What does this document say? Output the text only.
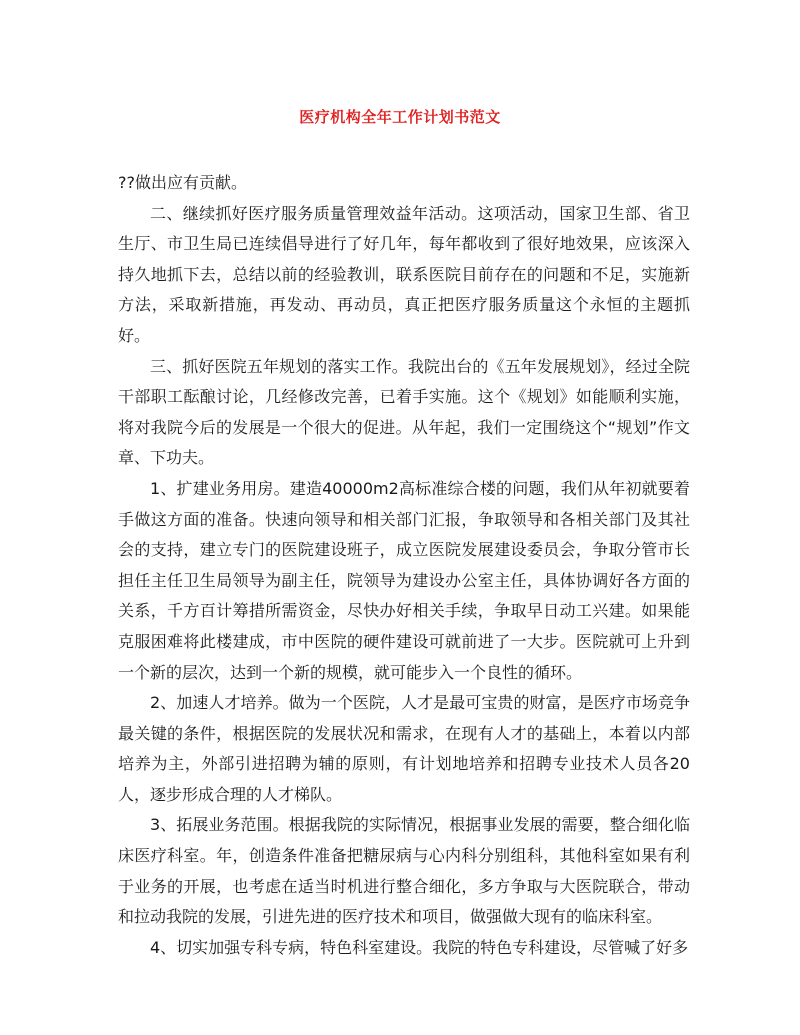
医疗机构全年工作计划书范文

??做出应有贡献。

二、继续抓好医疗服务质量管理效益年活动。这项活动，国家卫生部、省卫生厅、市卫生局已连续倡导进行了好几年，每年都收到了很好地效果，应该深入持久地抓下去，总结以前的经验教训，联系医院目前存在的问题和不足，实施新方法，采取新措施，再发动、再动员，真正把医疗服务质量这个永恒的主题抓好。

三、抓好医院五年规划的落实工作。我院出台的《五年发展规划》，经过全院干部职工酝酿讨论，几经修改完善，已着手实施。这个《规划》如能顺利实施，将对我院今后的发展是一个很大的促进。从年起，我们一定围绕这个“规划”作文章、下功夫。

1、扩建业务用房。建造40000m2高标准综合楼的问题，我们从年初就要着手做这方面的准备。快速向领导和相关部门汇报，争取领导和各相关部门及其社会的支持，建立专门的医院建设班子，成立医院发展建设委员会，争取分管市长担任主任卫生局领导为副主任，院领导为建设办公室主任，具体协调好各方面的关系，千方百计筹措所需资金，尽快办好相关手续，争取早日动工兴建。如果能克服困难将此楼建成，市中医院的硬件建设可就前进了一大步。医院就可上升到一个新的层次，达到一个新的规模，就可能步入一个良性的循环。

2、加速人才培养。做为一个医院，人才是最可宝贵的财富，是医疗市场竞争最关键的条件，根据医院的发展状况和需求，在现有人才的基础上，本着以内部培养为主，外部引进招聘为辅的原则，有计划地培养和招聘专业技术人员各20人，逐步形成合理的人才梯队。

3、拓展业务范围。根据我院的实际情况，根据事业发展的需要，整合细化临床医疗科室。年，创造条件准备把糖尿病与心内科分别组科，其他科室如果有利于业务的开展，也考虑在适当时机进行整合细化，多方争取与大医院联合，带动和拉动我院的发展，引进先进的医疗技术和项目，做强做大现有的临床科室。

4、切实加强专科专病，特色科室建设。我院的特色专科建设，尽管喊了好多
